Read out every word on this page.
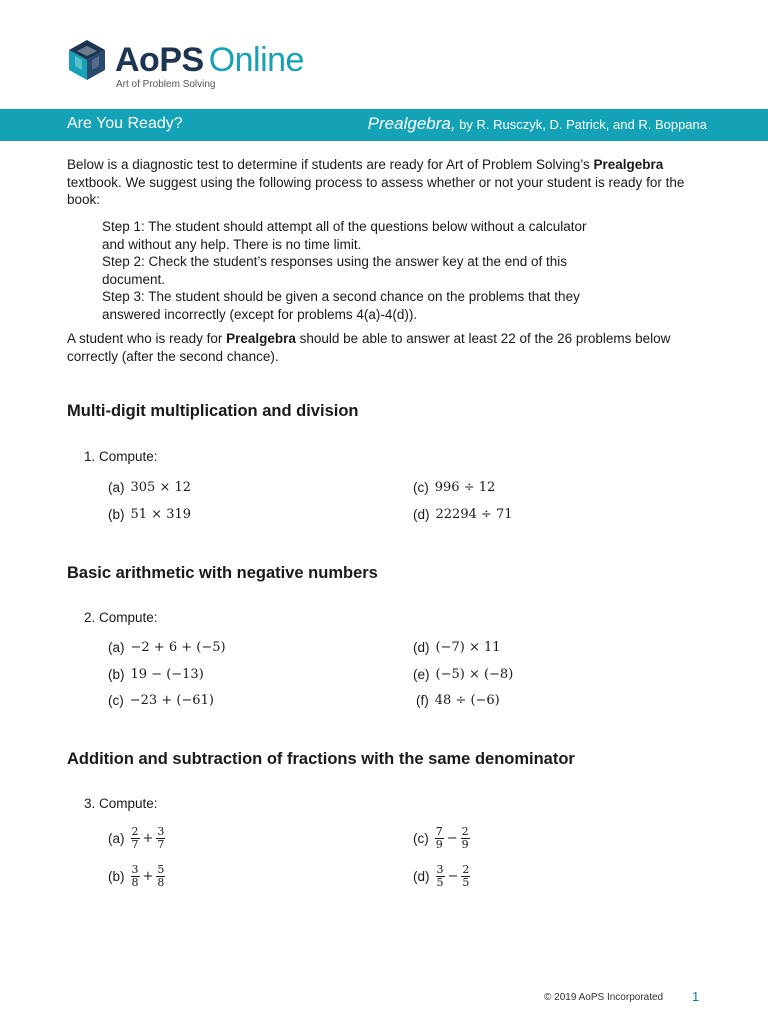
AoPS Online
Art of Problem Solving
Are You Ready?	Prealgebra, by R. Rusczyk, D. Patrick, and R. Boppana
Below is a diagnostic test to determine if students are ready for Art of Problem Solving’s Prealgebra textbook. We suggest using the following process to assess whether or not your student is ready for the book:
Step 1: The student should attempt all of the questions below without a calculator and without any help. There is no time limit.
Step 2: Check the student’s responses using the answer key at the end of this document.
Step 3: The student should be given a second chance on the problems that they answered incorrectly (except for problems 4(a)-4(d)).
A student who is ready for Prealgebra should be able to answer at least 22 of the 26 problems below correctly (after the second chance).
Multi-digit multiplication and division
1. Compute:
(a) 305 × 12
(b) 51 × 319
(c) 996 ÷ 12
(d) 22294 ÷ 71
Basic arithmetic with negative numbers
2. Compute:
(a) −2 + 6 + (−5)
(b) 19 − (−13)
(c) −23 + (−61)
(d) (−7) × 11
(e) (−5) × (−8)
(f) 48 ÷ (−6)
Addition and subtraction of fractions with the same denominator
3. Compute:
$(a) \frac{2}{7} + \frac{3}{7}$
$(b) \frac{3}{8} + \frac{5}{8}$
$(c) \frac{7}{9} - \frac{2}{9}$
$(d) \frac{3}{5} - \frac{2}{5}$
© 2019 AoPS Incorporated 1
